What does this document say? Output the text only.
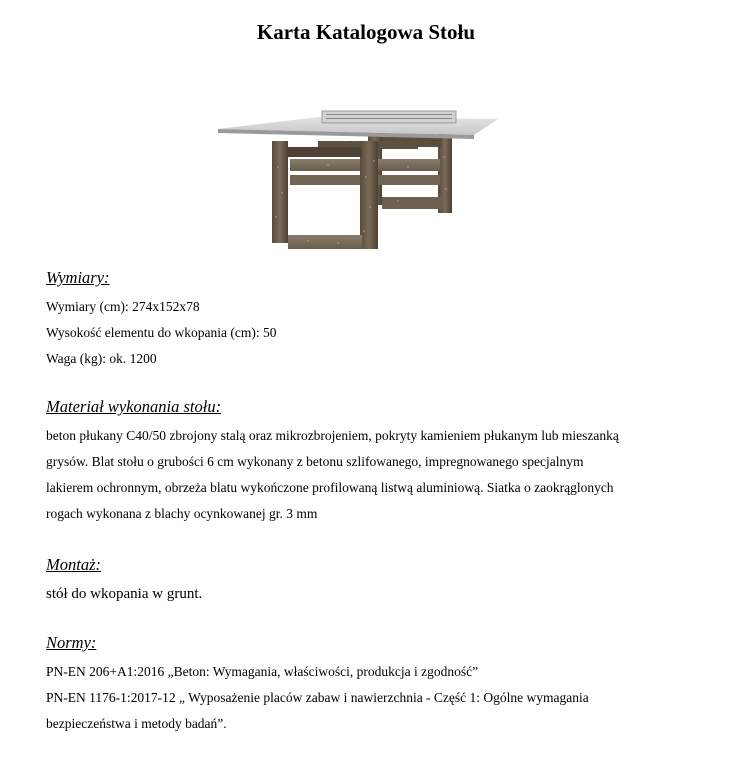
Karta Katalogowa Stołu
Wymiary:
Wymiary (cm): 274x152x78
Wysokość elementu do wkopania (cm): 50
Waga (kg): ok. 1200
Materiał wykonania stołu:
beton płukany C40/50 zbrojony stalą oraz mikrozbrojeniem, pokryty kamieniem płukanym lub mieszanką
grysów. Blat stołu o grubości 6 cm wykonany z betonu szlifowanego, impregnowanego specjalnym
lakierem ochronnym, obrzeża blatu wykończone profilowaną listwą aluminiową. Siatka o zaokrąglonych
rogach wykonana z blachy ocynkowanej gr. 3 mm
Montaż:
stół do wkopania w grunt.
Normy:
PN-EN 206+A1:2016 „Beton: Wymagania, właściwości, produkcja i zgodność”
PN-EN 1176-1:2017-12 „ Wyposażenie placów zabaw i nawierzchnia - Część 1: Ogólne wymagania
bezpieczeństwa i metody badań”.
